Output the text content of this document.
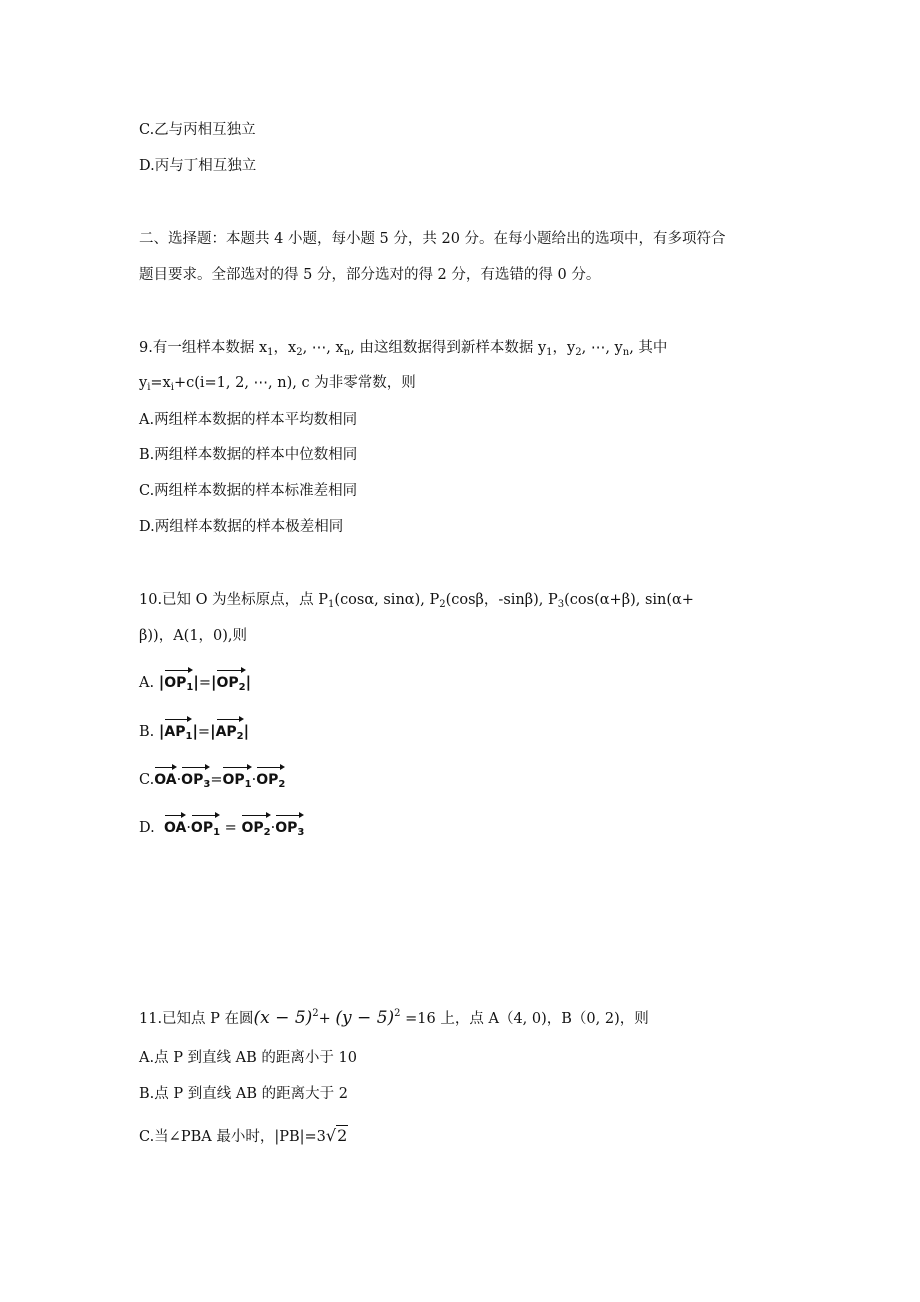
C.乙与丙相互独立
D.丙与丁相互独立
二、选择题：本题共 4 小题，每小题 5 分，共 20 分。在每小题给出的选项中，有多项符合
题目要求。全部选对的得 5 分，部分选对的得 2 分，有选错的得 0 分。
9.有一组样本数据 $x_1$，$x_2$, ⋯, $x_n$, 由这组数据得到新样本数据 $y_1$，$y_2$, ⋯, $y_n$, 其中
$y_i=x_i+c(i=1$, 2, ⋯, n), c 为非零常数，则
A.两组样本数据的样本平均数相同
B.两组样本数据的样本中位数相同
C.两组样本数据的样本标准差相同
D.两组样本数据的样本极差相同
10.已知 O 为坐标原点，点 $P_1(\cos\alpha$, sinα), $P_2(\cos\beta$，-sinβ), $P_3(\cos(\alpha+\beta)$, sin(α+
β))，A(1，0),则
A. $|OP_1|=|OP_2|$
B. $|AP_1|=|AP_2|$
$C.OA\cdot OP_3=OP_1\cdot OP_2$
D. $OA\cdot OP_1 = OP_2\cdot OP_3$
11.已知点 P 在圆$(x - 5)^2+ (y - 5)^2 =16$ 上，点 A（4, 0)，B（0, 2)，则
A.点 P 到直线 AB 的距离小于 10
B.点 P 到直线 AB 的距离大于 2
C.当∠PBA 最小时，|PB|=3√2
